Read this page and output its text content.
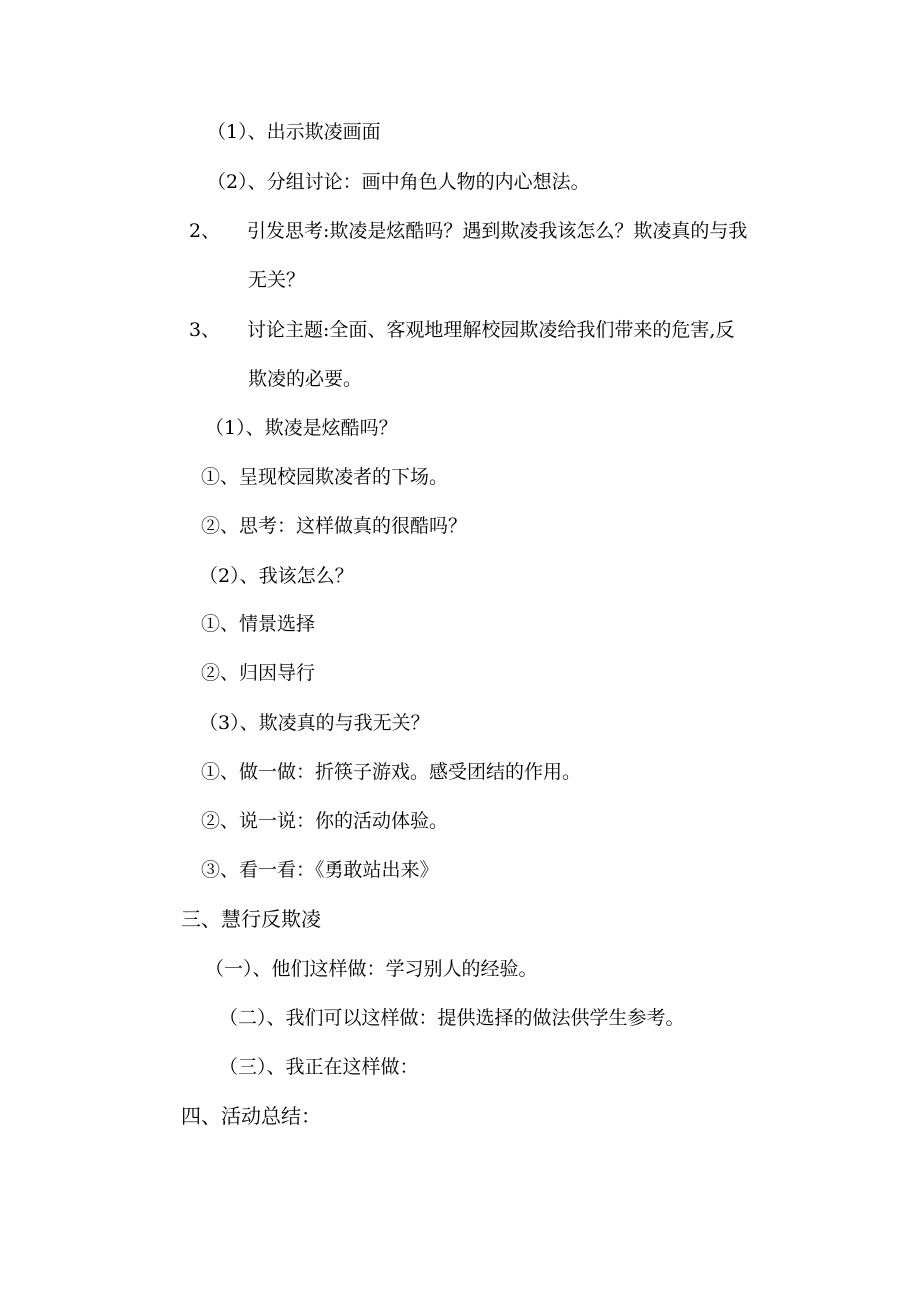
（1）、出示欺凌画面
（2）、分组讨论：画中角色人物的内心想法。
2、 引发思考:欺凌是炫酷吗？遇到欺凌我该怎么？欺凌真的与我
无关？
3、 讨论主题:全面、客观地理解校园欺凌给我们带来的危害,反
欺凌的必要。
（1）、欺凌是炫酷吗？
①、呈现校园欺凌者的下场。
②、思考：这样做真的很酷吗？
（2）、我该怎么？
①、情景选择
②、归因导行
（3）、欺凌真的与我无关？
①、做一做：折筷子游戏。感受团结的作用。
②、说一说：你的活动体验。
③、看一看：《勇敢站出来》
三、慧行反欺凌
（一）、他们这样做：学习别人的经验。
（二）、我们可以这样做：提供选择的做法供学生参考。
（三）、我正在这样做：
四、活动总结：
